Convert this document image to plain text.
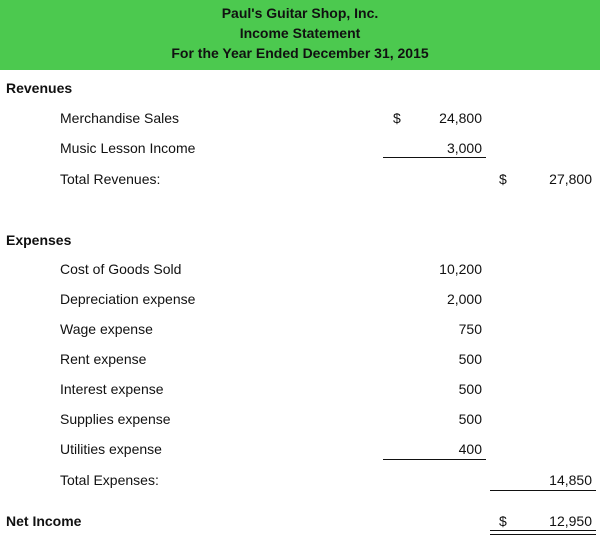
Paul's Guitar Shop, Inc.
Income Statement
For the Year Ended December 31, 2015
Revenues
Merchandise Sales	$	24,800
Music Lesson Income	3,000
Total Revenues:	$	27,800
Expenses
Cost of Goods Sold	10,200
Depreciation expense	2,000
Wage expense	750
Rent expense	500
Interest expense	500
Supplies expense	500
Utilities expense	400
Total Expenses:	14,850
Net Income	$	12,950
